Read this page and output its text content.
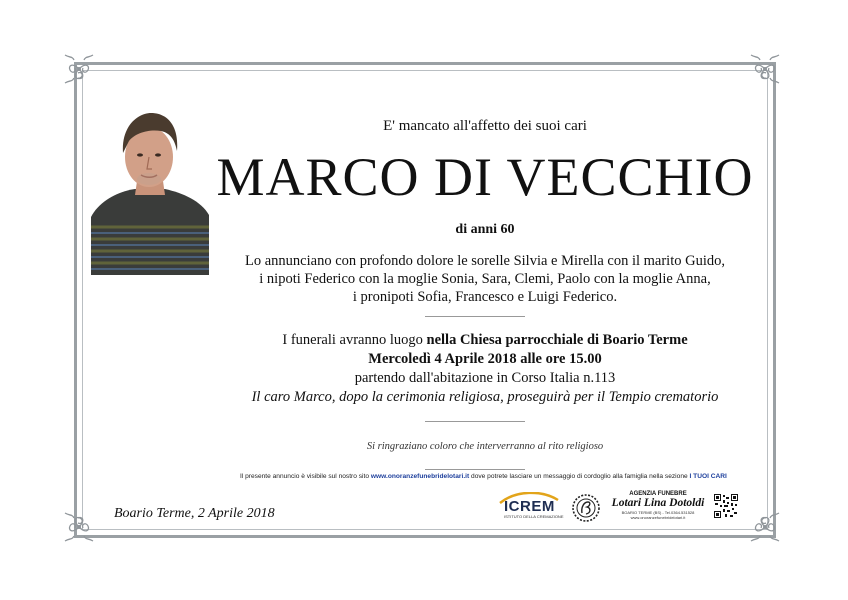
E' mancato all'affetto dei suoi cari
MARCO DI VECCHIO
di anni 60
Lo annunciano con profondo dolore le sorelle Silvia e Mirella con il marito Guido,
i nipoti Federico con la moglie Sonia, Sara, Clemi, Paolo con la moglie Anna,
i pronipoti Sofia, Francesco e Luigi Federico.
I funerali avranno luogo nella Chiesa parrocchiale di Boario Terme
Mercoledì 4 Aprile 2018 alle ore 15.00
partendo dall'abitazione in Corso Italia n.113
Il caro Marco, dopo la cerimonia religiosa, proseguirà per il Tempio crematorio
Si ringraziano coloro che interverranno al rito religioso
Il presente annuncio è visibile sul nostro sito www.onoranzefunebridelotari.it dove potrete lasciare un messaggio di cordoglio alla famiglia nella sezione I TUOI CARI
Boario Terme, 2 Aprile 2018	ICREM
ISTITUTO DELLA CREMAZIONE
AGENZIA FUNEBRE
Lotari Lina Dotoldi
BOARIO TERME (BS) - Tel.0364.531528
www.onoranzefunebridelotari.it
